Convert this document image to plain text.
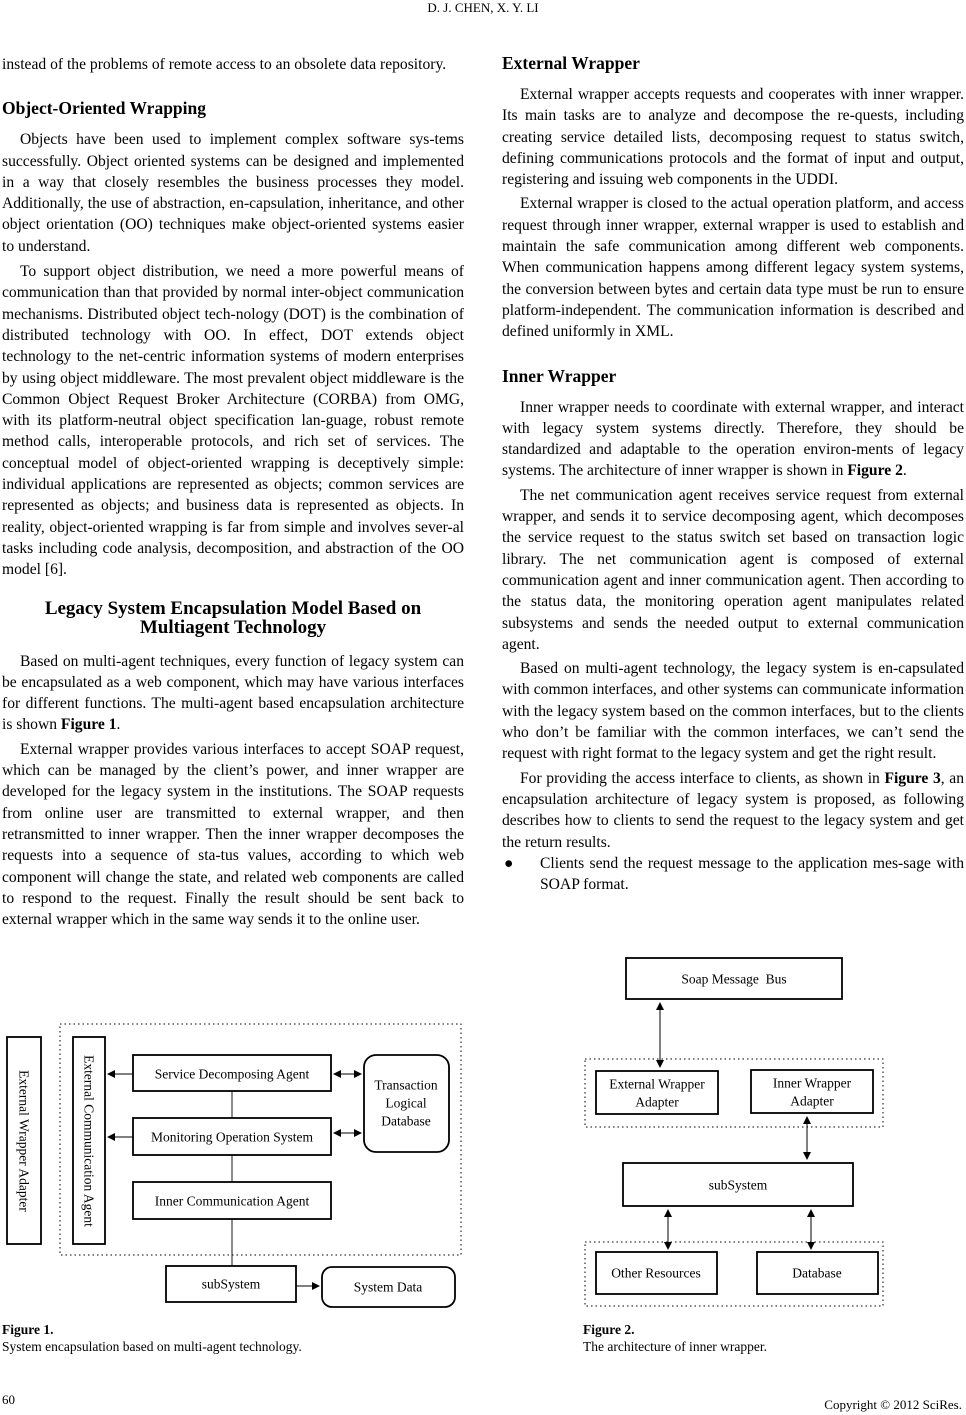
D. J. CHEN, X. Y. LI

instead of the problems of remote access to an obsolete data repository.

Object-Oriented Wrapping

Objects have been used to implement complex software sys-tems successfully. Object oriented systems can be designed and implemented in a way that closely resembles the business processes they model. Additionally, the use of abstraction, en-capsulation, inheritance, and other object orientation (OO) techniques make object-oriented systems easier to understand.

To support object distribution, we need a more powerful means of communication than that provided by normal inter-object communication mechanisms. Distributed object tech-nology (DOT) is the combination of distributed technology with OO. In effect, DOT extends object technology to the net-centric information systems of modern enterprises by using object middleware. The most prevalent object middleware is the Common Object Request Broker Architecture (CORBA) from OMG, with its platform-neutral object specification lan-guage, robust remote method calls, interoperable protocols, and rich set of services. The conceptual model of object-oriented wrapping is deceptively simple: individual applications are represented as objects; common services are represented as objects; and business data is represented as objects. In reality, object-oriented wrapping is far from simple and involves sever-al tasks including code analysis, decomposition, and abstraction of the OO model [6].

Legacy System Encapsulation Model Based on
Multiagent Technology

Based on multi-agent techniques, every function of legacy system can be encapsulated as a web component, which may have various interfaces for different functions. The multi-agent based encapsulation architecture is shown Figure 1.

External wrapper provides various interfaces to accept SOAP request, which can be managed by the client’s power, and inner wrapper are developed for the legacy system in the institutions. The SOAP requests from online user are transmitted to external wrapper, and then retransmitted to inner wrapper. Then the inner wrapper decomposes the requests into a sequence of sta-tus values, according to which web component will change the state, and related web components are called to respond to the request. Finally the result should be sent back to external wrapper which in the same way sends it to the online user.

External Wrapper

External wrapper accepts requests and cooperates with inner wrapper. Its main tasks are to analyze and decompose the re-quests, including creating service detailed lists, decomposing request to status switch, defining communications protocols and the format of input and output, registering and issuing web components in the UDDI.

External wrapper is closed to the actual operation platform, and access request through inner wrapper, external wrapper is used to establish and maintain the safe communication among different web components. When communication happens among different legacy system systems, the conversion between bytes and certain data type must be run to ensure platform-independent. The communication information is described and defined uniformly in XML.

Inner Wrapper

Inner wrapper needs to coordinate with external wrapper, and interact with legacy system systems directly. Therefore, they should be standardized and adaptable to the operation environ-ments of legacy systems. The architecture of inner wrapper is shown in Figure 2.

The net communication agent receives service request from external wrapper, and sends it to service decomposing agent, which decomposes the service request to the status switch set based on transaction logic library. The net communication agent is composed of external communication agent and inner communication agent. Then according to the status data, the monitoring operation agent manipulates related subsystems and sends the needed output to external communication agent.

Based on multi-agent technology, the legacy system is en-capsulated with common interfaces, and other systems can communicate information with the legacy system based on the common interfaces, but to the clients who don’t be familiar with the common interfaces, we can’t send the request with right format to the legacy system and get the right result.

For providing the access interface to clients, as shown in Figure 3, an encapsulation architecture of legacy system is proposed, as following describes how to clients to send the request to the legacy system and get the return results.

●	Clients send the request message to the application mes-sage with SOAP format.
External Wrapper Adapter	External Communication Agent	Service Decomposing Agent
Monitoring Operation System
Inner Communication Agent
Transaction
Logical
Database
subSystem	System Data
Figure 1.
System encapsulation based on multi-agent technology.
Soap Message  Bus
External Wrapper
Adapter
Inner Wrapper
Adapter
subSystem
Other Resources	Database
Figure 2.
The architecture of inner wrapper.
60	Copyright © 2012 SciRes.
